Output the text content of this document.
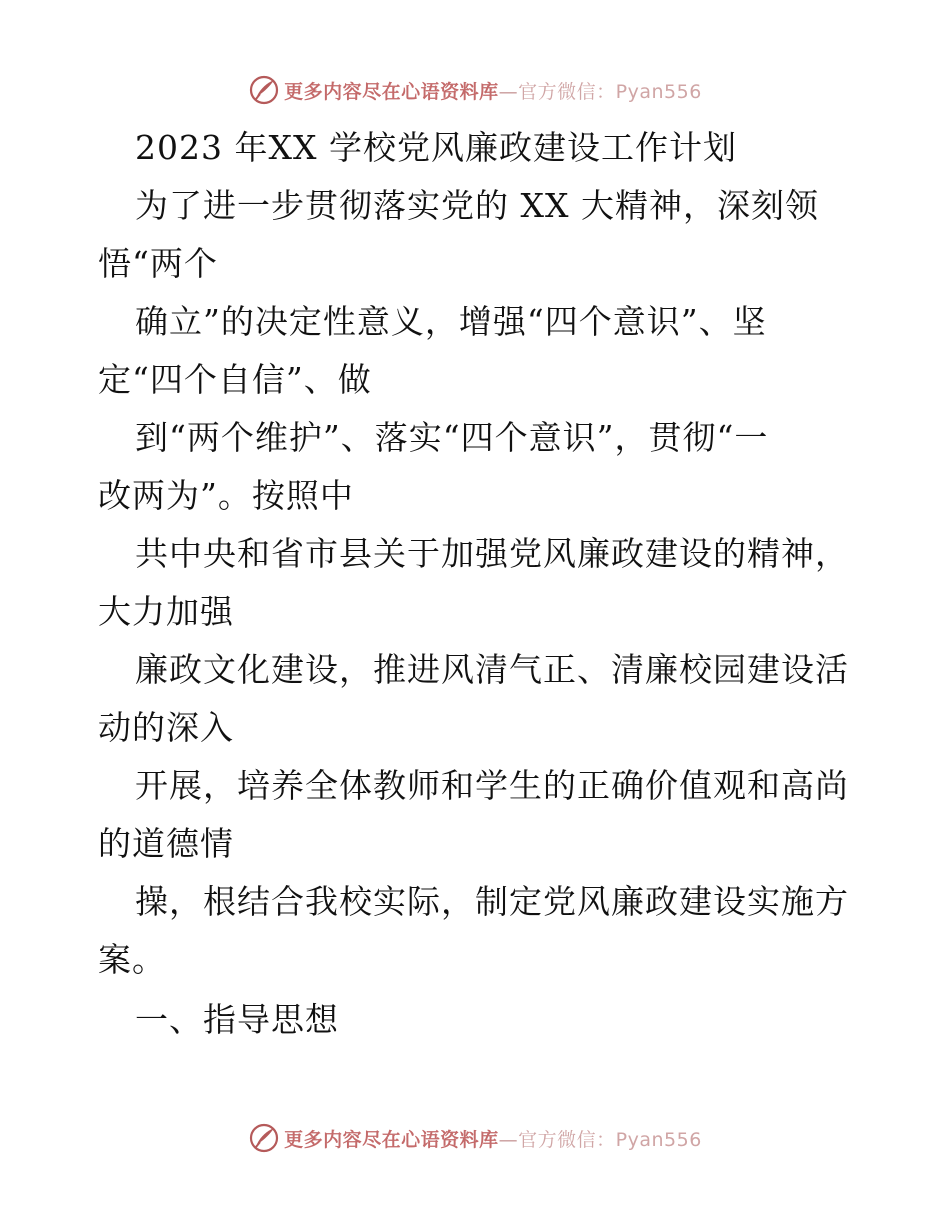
更多内容尽在心语资料库—官方微信：Pyan556
2023 年XX 学校党风廉政建设工作计划
为了进一步贯彻落实党的 XX 大精神，深刻领
悟“两个
确立”的决定性意义，增强“四个意识”、坚
定“四个自信”、做
到“两个维护”、落实“四个意识”，贯彻“一
改两为”。按照中
共中央和省市县关于加强党风廉政建设的精神，
大力加强
廉政文化建设，推进风清气正、清廉校园建设活
动的深入
开展，培养全体教师和学生的正确价值观和高尚
的道德情
操，根结合我校实际，制定党风廉政建设实施方
案。
一、指导思想
更多内容尽在心语资料库—官方微信：Pyan556
